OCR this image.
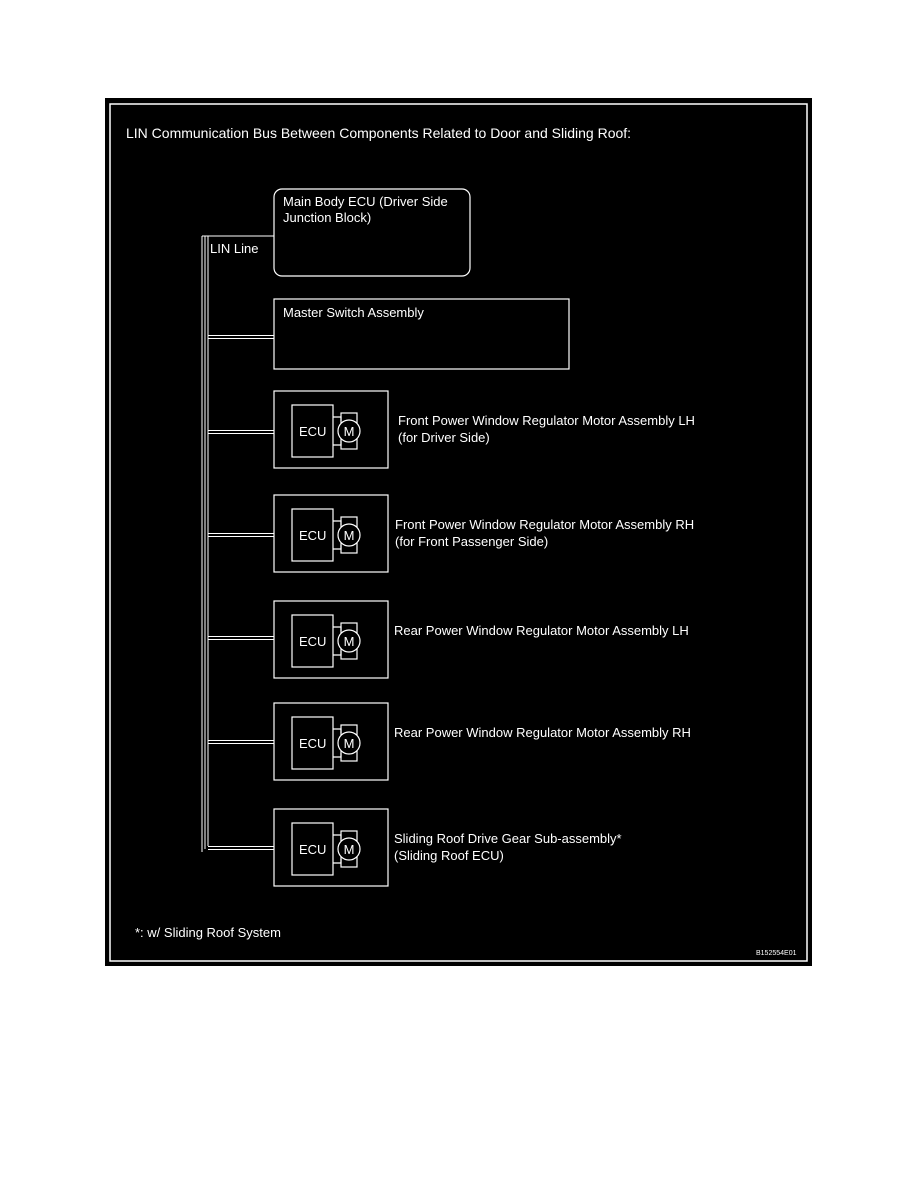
LIN Communication Bus Between Components Related to Door and Sliding Roof:
LIN Line
Main Body ECU (Driver Side
Junction Block)
Master Switch Assembly
ECU M
Front Power Window Regulator Motor Assembly LH
(for Driver Side)
ECU M
Front Power Window Regulator Motor Assembly RH
(for Front Passenger Side)
ECU M
Rear Power Window Regulator Motor Assembly LH
ECU M
Rear Power Window Regulator Motor Assembly RH
ECU M
Sliding Roof Drive Gear Sub-assembly*
(Sliding Roof ECU)
*: w/ Sliding Roof System
B152554E01
